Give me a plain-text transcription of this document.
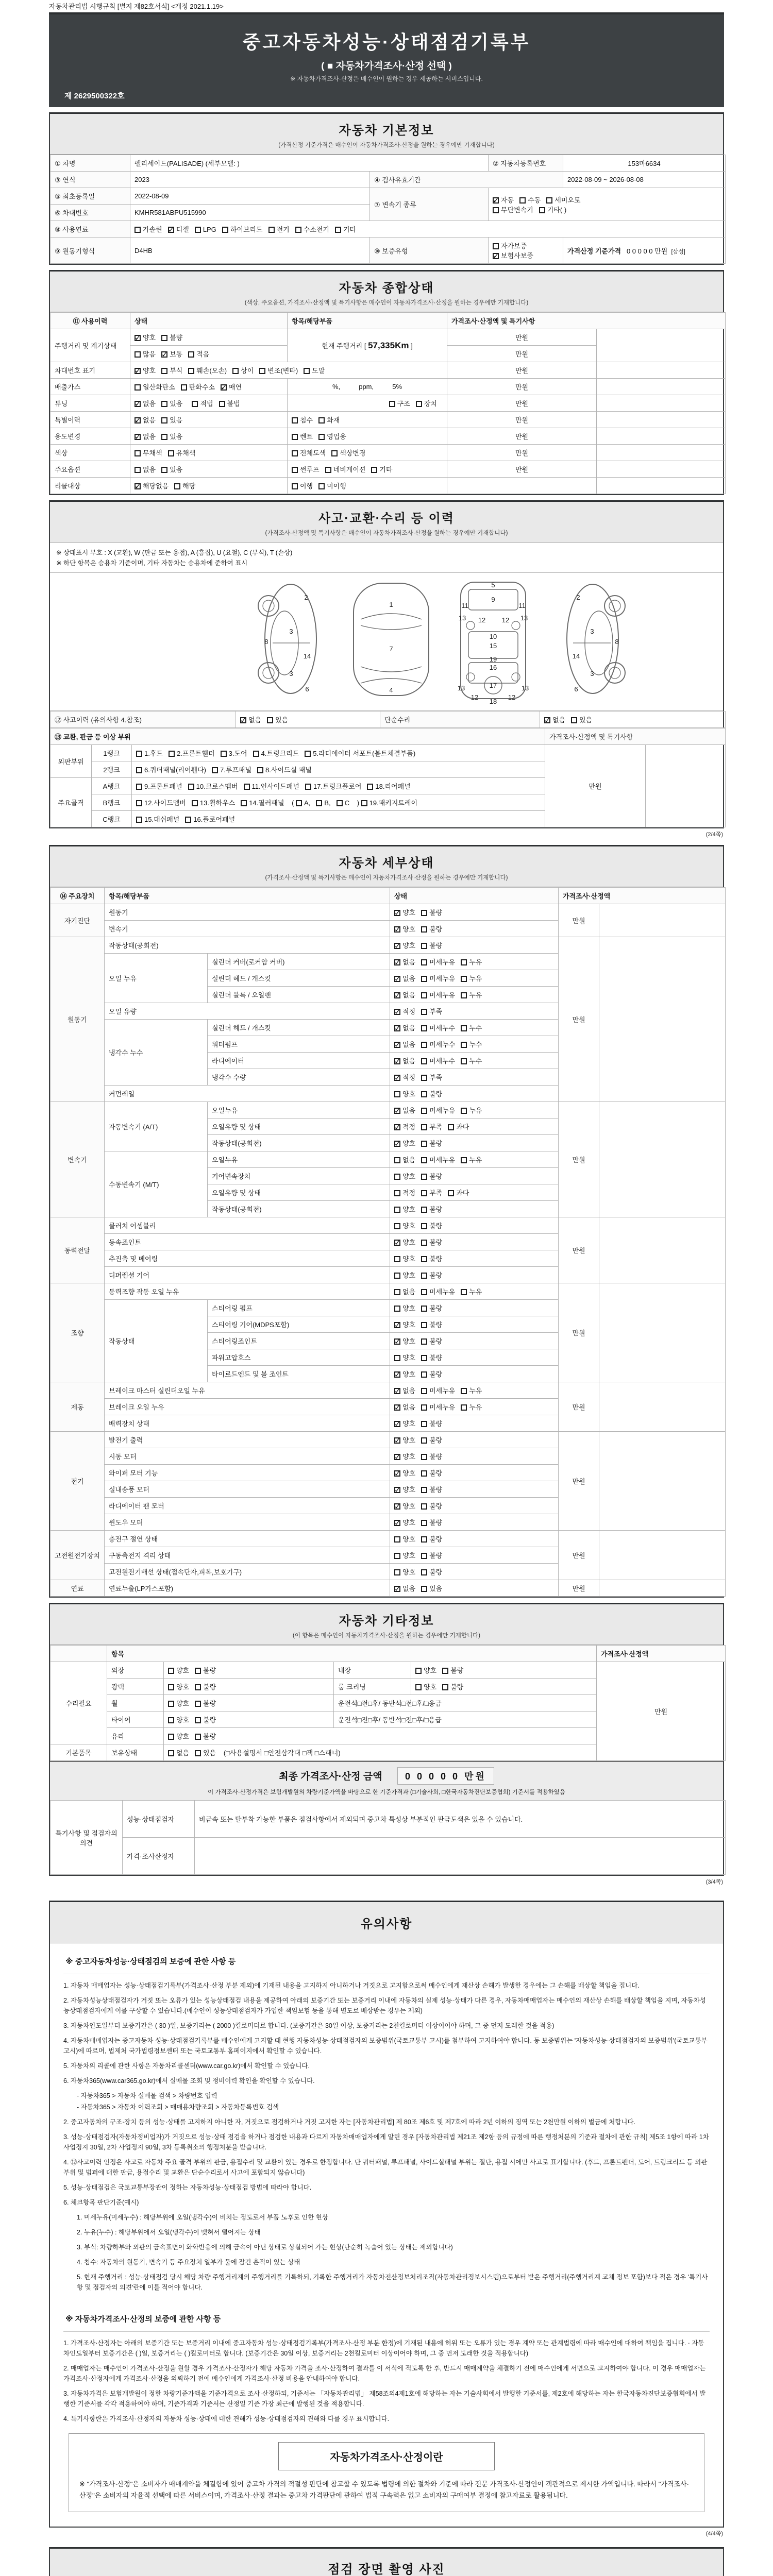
자동차관리법 시행규칙 [별지 제82호서식] <개정 2021.1.19>
중고자동차성능·상태점검기록부
( ■ 자동차가격조사·산정 선택 )
※ 자동차가격조사·산정은 매수인이 원하는 경우 제공하는 서비스입니다.
제 2629500322호
자동차 기본정보
(가격산정 기준가격은 매수인이 자동차가격조사·산정을 원하는 경우에만 기재합니다)
① 차명	팰리세이드(PALISADE) (세부모델: )		② 자동차등록번호	153마6634
③ 연식	2023	④ 검사유효기간		2022-08-09 ~ 2026-08-08
⑤ 최초등록일	2022-08-09	⑦ 변속기 종류	
✓자동 수동 세미오토
무단변속기 기타( )

⑥ 차대번호	KMHR581ABPU515990			
⑧ 사용연료	가솔린 ✓ 디젤 LPG 하이브리드 전기 수소전기 기타
⑨ 원동기형식	D4HB	⑩ 보증유형	자가보증✓보험사보증	가격산정 기준가격 0 0 0 0 0 만원 [삼성]
자동차 종합상태
(색상, 주요옵션, 가격조사·산정액 및 특기사항은 매수인이 자동차가격조사·산정을 원하는 경우에만 기재합니다)
⑪ 사용이력	상태	항목/해당부품	가격조사·산정액 및 특기사항	
주행거리 및 계기상태	✓양호 불량	현재 주행거리 [ 57,335Km ]	만원	
	많음 ✓ 보통 적음		만원	
차대번호 표기	✓양호 부식 훼손(오손) 상이 변조(변타) 도말		만원	
배출가스	일산화탄소 탄화수소 ✓ 매연	%,          ppm,          5%	만원	
튜닝	✓없음 있음 적법 불법	구조 장치	만원	
특별이력	✓없음 있음	침수 화재	만원	
용도변경	✓없음 있음	렌트 영업용	만원	
색상	무채색 유채색	전체도색 색상변경	만원	
주요옵션	없음 있음	썬루프 네비게이션 기타	만원	
리콜대상	✓해당없음 해당	이행 미이행		
사고·교환·수리 등 이력
(가격조사·산정액 및 특기사항은 매수인이 자동차가격조사·산정을 원하는 경우에만 기재합니다)
※ 상태표시 부호 : X (교환), W (판금 또는 용접), A (흠집), U (요철), C (부식), T (손상)
※ 하단 항목은 승용차 기준이며, 기타 자동차는 승용차에 준하여 표시
2
8
3
14
3
6
1
7
4
5
9
11	11
13 12 12 13
10
15
16
19
13	13
12	12
17
18
2
3
8
14
3
6
⑫ 사고이력 (유의사항 4.참조)	✓없음 있음	단순수리	✓없음 있음
⑬ 교환, 판금 등 이상 부위			가격조사·산정액 및 특기사항	
외판부위	1랭크	1.후드 2.프론트휀더 3.도어 4.트렁크리드 5.라디에이터 서포트(볼트체결부품)	만원	
	2랭크	6.쿼더패널(리어휀다) 7.루프패널 8.사이드실 패널		
주요골격	A랭크	9.프론트패널 10.크로스멤버 11.인사이드패널 17.트렁크플로어 18.리어패널		
	B랭크	12.사이드멤버 13.휠하우스 14.필러패널 ( A, B, C ) 19.패키지트레이		
	C랭크	15.대쉬패널 16.플로어패널		
(2/4쪽)
자동차 세부상태
(가격조사·산정액 및 특기사항은 매수인이 자동차가격조사·산정을 원하는 경우에만 기재합니다)
⑭ 주요장치	항목/해당부품		상태	가격조사·산정액	
자기진단	원동기	✓양호 불량	만원	
	변속기	✓양호 불량
원동기	작동상태(공회전)	✓양호 불량	만원	
	오일 누유	실린더 커버(로커암 커버)	✓없음 미세누유 누유
		실린더 헤드 / 개스킷	✓없음 미세누유 누유
		실린더 블록 / 오일팬	✓없음 미세누유 누유
	오일 유량	✓적정 부족
	냉각수 누수	실린더 헤드 / 개스킷	✓없음 미세누수 누수
		워터펌프	✓없음 미세누수 누수
		라디에이터	✓없음 미세누수 누수
		냉각수 수량	✓적정 부족
	커먼레일		양호 불량		
변속기	자동변속기 (A/T)	오일누유	✓없음 미세누유 누유	만원	
		오일유량 및 상태	✓적정 부족 과다
		작동상태(공회전)	✓양호 불량
	수동변속기 (M/T)	오일누유	없음 미세누유 누유		
		기어변속장치	양호 불량		
		오일유량 및 상태	적정 부족 과다		
		작동상태(공회전)	양호 불량		
동력전달	클러치 어셈블리		양호 불량	만원	
	등속죠인트	✓양호 불량
	추진축 및 베어링		양호 불량		
	디퍼렌셜 기어		양호 불량		
조향	동력조향 작동 오일 누유		없음 미세누유 누유	만원	
	작동상태	스티어링 펌프	양호 불량		
		스티어링 기어(MDPS포함)	✓양호 불량
		스티어링조인트	✓양호 불량
		파워고압호스	양호 불량		
		타이로드엔드 및 볼 조인트	✓양호 불량
제동	브레이크 마스터 실린더오일 누유	✓없음 미세누유 누유	만원	
	브레이크 오일 누유	✓없음 미세누유 누유
	배력장치 상태	✓양호 불량
전기	발전기 출력	✓양호 불량	만원	
	시동 모터	✓양호 불량
	와이퍼 모터 기능	✓양호 불량
	실내송풍 모터	✓양호 불량
	라디에이터 팬 모터	✓양호 불량
	윈도우 모터	✓양호 불량
고전원전기장치	충전구 절연 상태		양호 불량	만원	
	구동축전지 격리 상태		양호 불량		
	고전원전기배선 상태(접속단자,피복,보호기구)		양호 불량		
연료	연료누출(LP가스포함)	✓없음 있음	만원	
자동차 기타정보
(이 항목은 매수인이 자동차가격조사·산정을 원하는 경우에만 기재합니다)
	항목				가격조사·산정액
수리필요	외장	양호 불량	내장	양호 불량	만원
	광택	양호 불량	룸 크리닝	양호 불량	
	휠	양호 불량	운전석□전□후/ 동반석□전□후/□응급		
	타이어	양호 불량	운전석□전□후/ 동반석□전□후/□응급		
	유리	양호 불량			
기본품목	보유상태	없음 있음 (□사용설명서 □안전삼각대 □잭 □스패너)			
최종 가격조사·산정 금액 0 0 0 0 0 만원
이 가격조사·산정가격은 보험개발원의 차량기준가액을 바탕으로 한 기준가격과 (□기술사회, □한국자동차진단보증협회) 기준서를 적용하였음
특기사항 및 점검자의 의견	성능·상태점검자	비금속 또는 탈부착 가능한 부품은 점검사항에서 제외되며 중고차 특성상 부분적인 판금도색은 있을 수 있습니다.
	가격·조사산정자	
(3/4쪽)
유의사항
※ 중고자동차성능·상태점검의 보증에 관한 사항 등
1. 자동차 매매업자는 성능·상태점검기록부(가격조사·산정 부분 제외)에 기재된 내용을 고지하지 아니하거나 거짓으로 고지함으로써 매수인에게 재산상 손해가 발생한 경우에는 그 손해를 배상할 책임을 집니다.
2. 자동차성능상태점검자가 거짓 또는 오류가 있는 성능상태점검 내용을 제공하여 아래의 보증기간 또는 보증거리 이내에 자동차의 실제 성능·상태가 다른 경우, 자동차매매업자는 매수인의 재산상 손해를 배상할 책임을 지며, 자동차성능상태점검자에게 이를 구상할 수 있습니다.(매수인이 성능상태점검자가 가입한 책임보험 등을 통해 별도로 배상받는 경우는 제외)
3. 자동차인도일부터 보증기간은 ( 30 )일, 보증거리는 ( 2000 )킬로미터로 합니다. (보증기간은 30일 이상, 보증거리는 2천킬로미터 이상이어야 하며, 그 중 먼저 도래한 것을 적용)
4. 자동차매매업자는 중고자동차 성능·상태점검기록부를 매수인에게 고지할 때 현행 자동차성능·상태점검자의 보증범위(국토교통부 고시)를 첨부하여 고지하여야 합니다. 동 보증범위는 '자동차성능·상태점검자의 보증범위'(국토교통부 고시)에 따르며, 법제처 국가법령정보센터 또는 국토교통부 홈페이지에서 확인할 수 있습니다.
5. 자동차의 리콜에 관한 사항은 자동차리콜센터(www.car.go.kr)에서 확인할 수 있습니다.
6. 자동차365(www.car365.go.kr)에서 실매물 조회 및 정비이력 확인을 확인할 수 있습니다.
- 자동차365 > 자동차 실매물 검색 > 차량번호 입력
- 자동차365 > 자동차 이력조회 > 매매용차량조회 > 자동차등록번호 검색
2. 중고자동차의 구조·장치 등의 성능·상태를 고지하지 아니한 자, 거짓으로 점검하거나 거짓 고지한 자는 [자동차관리법] 제 80조 제6호 및 제7호에 따라 2년 이하의 징역 또는 2천만원 이하의 벌금에 처합니다.
3. 성능·상태점검자(자동차정비업자)가 거짓으로 성능·상태 점검을 하거나 점검한 내용과 다르게 자동차매매업자에게 알린 경우 [자동차관리법 제21조 제2항 등의 규정에 따른 행정처분의 기준과 절차에 관한 규칙] 제5조 1항에 따라 1차 사업정지 30일, 2차 사업정지 90일, 3차 등록취소의 행정처분을 받습니다.
4. ⑫사고이력 인정은 사고로 자동차 주요 골격 부위의 판금, 용접수리 및 교환이 있는 경우로 한정합니다. 단 쿼터패널, 루프패널, 사이드실패널 부위는 절단, 용접 시에만 사고로 표기합니다. (후드, 프론트펜더, 도어, 트렁크리드 등 외판 부위 및 범퍼에 대한 판금, 용접수리 및 교환은 단순수리로서 사고에 포함되지 않습니다)
5. 성능·상태점검은 국토교통부장관이 정하는 자동차성능·상태점검 방법에 따라야 합니다.
6. 체크항목 판단기준(예시)
1. 미세누유(미세누수) : 해당부위에 오일(냉각수)이 비치는 정도로서 부품 노후로 인한 현상
2. 누유(누수) : 해당부위에서 오일(냉각수)이 맺혀서 떨어지는 상태
3. 부식: 차량하부와 외판의 금속표면이 화학반응에 의해 금속이 아닌 상태로 상실되어 가는 현상(단순히 녹슬어 있는 상태는 제외합니다)
4. 침수: 자동차의 원동기, 변속기 등 주요장치 일부가 물에 잠긴 흔적이 있는 상태
5. 현재 주행거리 : 성능·상태점검 당시 해당 차량 주행거리계의 주행거리를 기록하되, 기록한 주행거리가 자동차전산정보처리조직(자동차관리정보시스템)으로부터 받은 주행거리(주행거리계 교체 정보 포함)보다 적은 경우 '특기사항 및 점검자의 의견'란에 이를 적어야 합니다.
※ 자동차가격조사·산정의 보증에 관한 사항 등
1. 가격조사·산정자는 아래의 보증기간 또는 보증거리 이내에 중고자동차 성능·상태점검기록부(가격조사·산정 부분 한정)에 기재된 내용에 허위 또는 오류가 있는 경우 계약 또는 관계법령에 따라 매수인에 대하여 책임을 집니다. · 자동차인도일부터 보증기간은 ( )일, 보증거리는 ( )킬로미터로 합니다. (보증기간은 30일 이상, 보증거리는 2천킬로미터 이상이어야 하며, 그 중 먼저 도래한 것을 적용합니다)
2. 매매업자는 매수인이 가격조사·산정을 원할 경우 가격조사·산정자가 해당 자동차 가격을 조사·산정하여 결과를 이 서식에 적도록 한 후, 반드시 매매계약을 체결하기 전에 매수인에게 서면으로 고지하여야 합니다. 이 경우 매매업자는 가격조사·산정자에게 가격조사·산정을 의뢰하기 전에 매수인에게 가격조사·산정 비용을 안내하여야 합니다.
3. 자동차가격은 보험개발원이 정한 차량기준가액을 기준가격으로 조사·산정하되, 기준서는 「자동차관리법」 제58조의4제1호에 해당하는 자는 기술사회에서 발행한 기준서를, 제2호에 해당하는 자는 한국자동차진단보증협회에서 발행한 기준서를 각각 적용하여야 하며, 기준가격과 기준서는 산정일 기준 가장 최근에 발행된 것을 적용합니다.
4. 특기사항란은 가격조사·산정자의 자동차 성능·상태에 대한 견해가 성능·상태점검자의 견해와 다를 경우 표시합니다.
자동차가격조사·산정이란
※ "가격조사·산정"은 소비자가 매매계약을 체결함에 있어 중고차 가격의 적절성 판단에 참고할 수 있도록 법령에 의한 절차와 기준에 따라 전문 가격조사·산정인이 객관적으로 제시한 가액입니다. 따라서 "가격조사·산정"은 소비자의 자율적 선택에 따른 서비스이며, 가격조사·산정 결과는 중고차 가격판단에 관하여 법적 구속력은 없고 소비자의 구매여부 결정에 참고자료로 활용됩니다.
(4/4쪽)
점검 장면 촬영 사진
